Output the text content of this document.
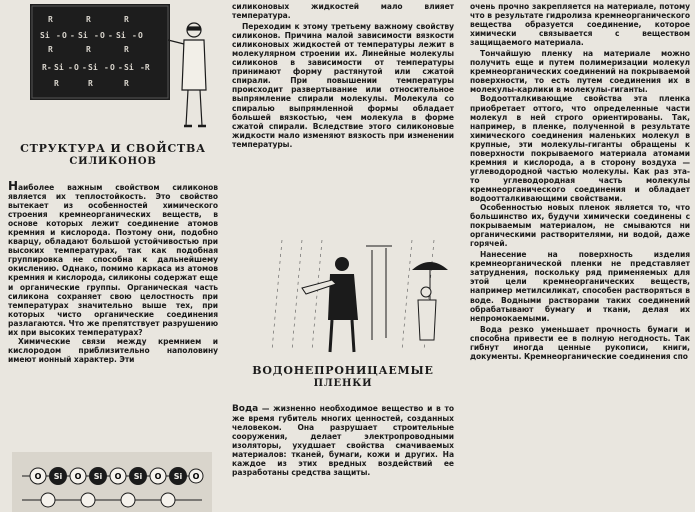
R	R	R
Si - O - Si - O - Si - O
R	R	R
R- Si - O - Si - O - Si -R
R	R	R
СТРУКТУРА И СВОЙСТВА
СИЛИКОНОВ

Наиболее важным свойством силиконов является их теплостойкость. Это свойство вытекает из особенностей химического строения кремнеорганических веществ, в основе которых лежит соединение атомов кремния и кислорода. Поэтому они, подобно кварцу, обладают большой устойчивостью при высоких температурах, так как подобная группировка не способна к дальнейшему окислению. Однако, помимо каркаса из атомов кремния и кислорода, силиконы содержат еще и органические группы. Органическая часть силикона сохраняет свою целостность при температурах значительно выше тех, при которых чисто органические соединения разлагаются. Что же препятствует разрушению их при высоких температурах?

Химические связи между кремнием и кислородом приблизительно наполовину имеют ионный характер. Эти

O Si O Si O Si O Si O

силиконовых жидкостей мало влияет температура.

Переходим к этому третьему важному свойству силиконов. Причина малой зависимости вязкости силиконовых жидкостей от температуры лежит в молекулярном строении их. Линейные молекулы силиконов в зависимости от температуры принимают форму растянутой или сжатой спирали. При повышении температуры происходит развертывание или относительное выпрямление спирали молекулы. Молекула со спиралью выпрямленной формы обладает большей вязкостью, чем молекула в форме сжатой спирали. Вследствие этого силиконовые жидкости мало изменяют вязкость при изменении температуры.

ВОДОНЕПРОНИЦАЕМЫЕ
ПЛЕНКИ

Вода — жизненно необходимое вещество и в то же время губитель многих ценностей, созданных человеком. Она разрушает строительные сооружения, делает электропроводными изоляторы, ухудшает свойства смачиваемых материалов: тканей, бумаги, кожи и других. На каждое из этих вредных воздействий ее разработаны средства защиты.

очень прочно закрепляется на материале, потому что в результате гидролиза кремнеорганического вещества образуется соединение, которое химически связывается с веществом защищаемого материала.

Тончайшую пленку на материале можно получить еще и путем полимеризации молекул кремнеорганических соединений на покрываемой поверхности, то есть путем соединения их в молекулы-карлики в молекулы-гиганты.

Водоотталкивающие свойства эта пленка приобретает оттого, что определенные части молекул в ней строго ориентированы. Так, например, в пленке, полученной в результате химического соединения маленьких молекул в крупные, эти молекулы-гиганты обращены к поверхности покрываемого материала атомами кремния и кислорода, а в сторону воздуха — углеводородной частью молекулы. Как раз эта-то углеводородная часть молекулы кремнеорганического соединения и обладает водоотталкивающими свойствами.

Особенностью новых пленок является то, что большинство их, будучи химически соединены с покрываемым материалом, не смываются ни органическими растворителями, ни водой, даже горячей.

Нанесение на поверхность изделия кремнеорганической пленки не представляет затруднения, поскольку ряд применяемых для этой цели кремнеорганических веществ, например метилсиликат, способен растворяться в воде. Водными растворами таких соединений обрабатывают бумагу и ткани, делая их непромокаемыми.

Вода резко уменьшает прочность бумаги и способна привести ее в полную негодность. Так гибнут иногда ценные рукописи, книги, документы. Кремнеорганические соединения спо
